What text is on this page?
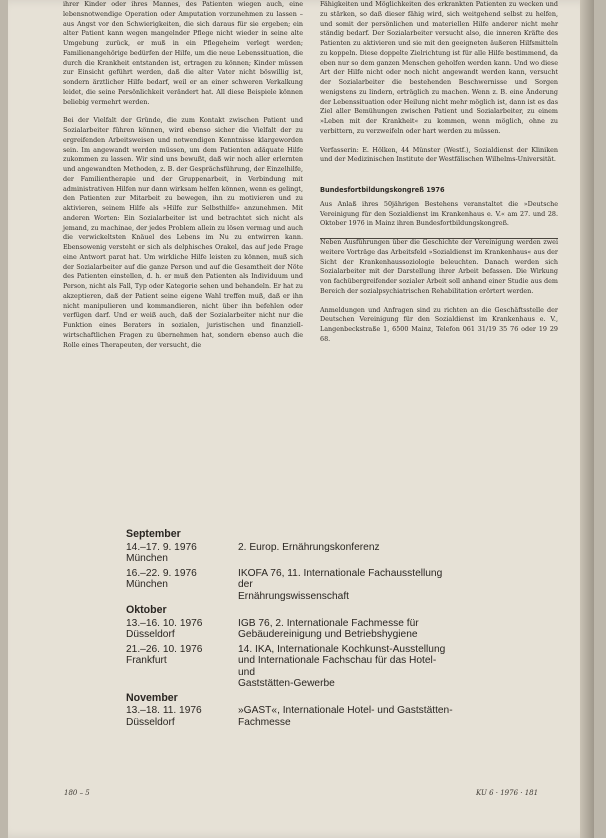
ihrer Kinder oder ihres Mannes, des Patienten wiegen auch, eine lebensnotwendige Operation oder Amputation vorzunehmen zu lassen – aus Angst vor den Schwierigkeiten, die sich daraus für sie ergeben; ein alter Patient kann wegen mangelnder Pflege nicht wieder in seine alte Umgebung zurück, er muß in ein Pflegeheim verlegt werden; Familienangehörige bedürfen der Hilfe, um die neue Lebenssituation, die durch die Krankheit entstanden ist, ertragen zu können; Kinder müssen zur Einsicht geführt werden, daß die alter Vater nicht böswillig ist, sondern ärztlicher Hilfe bedarf, weil er an einer schweren Verkalkung leidet, die seine Persönlichkeit verändert hat. All diese Beispiele können beliebig vermehrt werden.

Bei der Vielfalt der Gründe, die zum Kontakt zwischen Patient und Sozialarbeiter führen können, wird ebenso sicher die Vielfalt der zu ergreifenden Arbeitsweisen und notwendigen Kenntnisse klargeworden sein. Im angewandt werden müssen, um dem Patienten adäquate Hilfe zukommen zu lassen. Wir sind uns bewußt, daß wir noch aller erlernten und angewandten Methoden, z. B. der Gesprächsführung, der Einzelhilfe, der Familientherapie und der Gruppenarbeit, in Verbindung mit administrativen Hilfen nur dann wirksam helfen können, wenn es gelingt, den Patienten zur Mitarbeit zu bewegen, ihn zu motivieren und zu aktivieren, seinem Hilfe als »Hilfe zur Selbsthilfe« anzunehmen. Mit anderen Worten: Ein Sozialarbeiter ist und betrachtet sich nicht als jemand, zu machinae, der jedes Problem allein zu lösen vermag und auch die verwickeltsten Knäuel des Lebens im Nu zu entwirren kann. Ebensowenig versteht er sich als delphisches Orakel, das auf jede Frage eine Antwort parat hat. Um wirkliche Hilfe leisten zu können, muß sich der Sozialarbeiter auf die ganze Person und auf die Gesamtheit der Nöte des Patienten einstellen, d. h. er muß den Patienten als Individuum und Person, nicht als Fall, Typ oder Kategorie sehen und behandeln. Er hat zu akzeptieren, daß der Patient seine eigene Wahl treffen muß, daß er ihn nicht manipulieren und kommandieren, nicht über ihn befehlen oder verfügen darf. Und er weiß auch, daß der Sozialarbeiter nicht nur die Funktion eines Beraters in sozialen, juristischen und finanziell-wirtschaftlichen Fragen zu übernehmen hat, sondern ebenso auch die Rolle eines Therapeuten, der versucht, die

Fähigkeiten und Möglichkeiten des erkrankten Patienten zu wecken und zu stärken, so daß dieser fähig wird, sich weitgehend selbst zu helfen, und somit der persönlichen und materiellen Hilfe anderer nicht mehr ständig bedarf. Der Sozialarbeiter versucht also, die inneren Kräfte des Patienten zu aktivieren und sie mit den geeigneten äußeren Hilfsmitteln zu koppeln. Diese doppelte Zielrichtung ist für alle Hilfe bestimmend, da eben nur so dem ganzen Menschen geholfen werden kann. Und wo diese Art der Hilfe nicht oder noch nicht angewandt werden kann, versucht der Sozialarbeiter die bestehenden Beschwernisse und Sorgen wenigstens zu lindern, erträglich zu machen. Wenn z. B. eine Änderung der Lebenssituation oder Heilung nicht mehr möglich ist, dann ist es das Ziel aller Bemühungen zwischen Patient und Sozialarbeiter, zu einem »Leben mit der Krankheit« zu kommen, wenn möglich, ohne zu verbittern, zu verzweifeln oder hart werden zu müssen.

Verfasserin: E. Hölken, 44 Münster (Westf.), Sozialdienst der Kliniken und der Medizinischen Institute der Westfälischen Wilhelms-Universität.

Bundesfortbildungskongreß 1976

Aus Anlaß ihres 50jährigen Bestehens veranstaltet die »Deutsche Vereinigung für den Sozialdienst im Krankenhaus e. V.« am 27. und 28. Oktober 1976 in Mainz ihren Bundesfortbildungskongreß.

Neben Ausführungen über die Geschichte der Vereinigung werden zwei weitere Vorträge das Arbeitsfeld »Sozialdienst im Krankenhaus« aus der Sicht der Krankenhaussoziologie beleuchten. Danach werden sich Sozialarbeiter mit der Darstellung ihrer Arbeit befassen. Die Wirkung von fachübergreifender sozialer Arbeit soll anhand einer Studie aus dem Bereich der sozialpsychiatrischen Rehabilitation erörtert werden.

Anmeldungen und Anfragen sind zu richten an die Geschäftsstelle der Deutschen Vereinigung für den Sozialdienst im Krankenhaus e. V., Langenbeckstraße 1, 6500 Mainz, Telefon 061 31/19 35 76 oder 19 29 68.

September
14.–17. 9. 1976
München
2. Europ. Ernährungskonferenz
16.–22. 9. 1976
München
IKOFA 76, 11. Internationale Fachausstellung der
Ernährungswissenschaft
Oktober
13.–16. 10. 1976
Düsseldorf
IGB 76, 2. Internationale Fachmesse für
Gebäudereinigung und Betriebshygiene
21.–26. 10. 1976
Frankfurt
14. IKA, Internationale Kochkunst-Ausstellung und Internationale Fachschau für das Hotel- und
Gaststätten-Gewerbe
November
13.–18. 11. 1976
Düsseldorf
»GAST«, Internationale Hotel- und Gaststätten-
Fachmesse
180 – 5	KU 6 · 1976 · 181
